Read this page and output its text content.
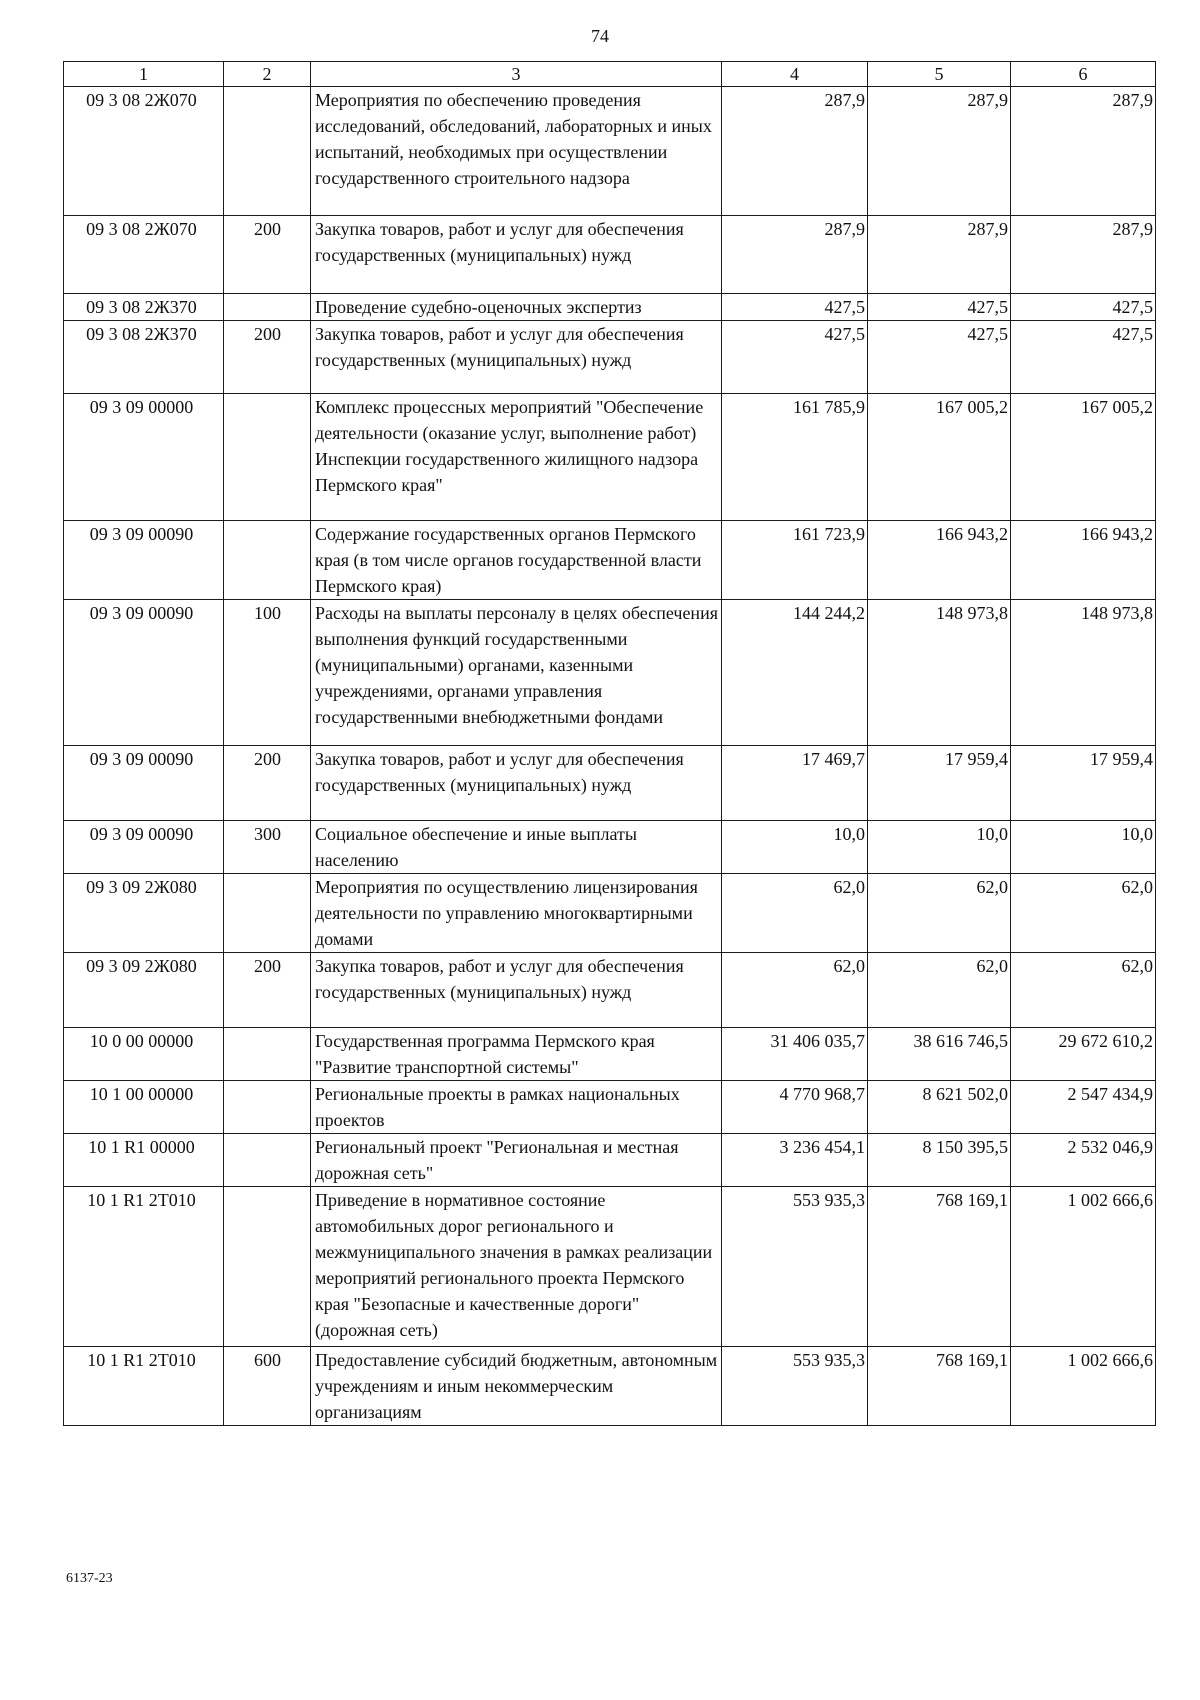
74
1	2	3	4	5	6
09 3 08 2Ж070		Мероприятия по обеспечению проведения исследований, обследований, лабораторных и иных испытаний, необходимых при осуществлении государственного строительного надзора	287,9	287,9	287,9
09 3 08 2Ж070	200	Закупка товаров, работ и услуг для обеспечения государственных (муниципальных) нужд	287,9	287,9	287,9
09 3 08 2Ж370		Проведение судебно-оценочных экспертиз	427,5	427,5	427,5
09 3 08 2Ж370	200	Закупка товаров, работ и услуг для обеспечения государственных (муниципальных) нужд	427,5	427,5	427,5
09 3 09 00000		Комплекс процессных мероприятий "Обеспечение деятельности (оказание услуг, выполнение работ) Инспекции государственного жилищного надзора Пермского края"	161 785,9	167 005,2	167 005,2
09 3 09 00090		Содержание государственных органов Пермского края (в том числе органов государственной власти Пермского края)	161 723,9	166 943,2	166 943,2
09 3 09 00090	100	Расходы на выплаты персоналу в целях обеспечения выполнения функций государственными (муниципальными) органами, казенными учреждениями, органами управления государственными внебюджетными фондами	144 244,2	148 973,8	148 973,8
09 3 09 00090	200	Закупка товаров, работ и услуг для обеспечения государственных (муниципальных) нужд	17 469,7	17 959,4	17 959,4
09 3 09 00090	300	Социальное обеспечение и иные выплаты населению	10,0	10,0	10,0
09 3 09 2Ж080		Мероприятия по осуществлению лицензирования деятельности по управлению многоквартирными домами	62,0	62,0	62,0
09 3 09 2Ж080	200	Закупка товаров, работ и услуг для обеспечения государственных (муниципальных) нужд	62,0	62,0	62,0
10 0 00 00000		Государственная программа Пермского края "Развитие транспортной системы"	31 406 035,7	38 616 746,5	29 672 610,2
10 1 00 00000		Региональные проекты в рамках национальных проектов	4 770 968,7	8 621 502,0	2 547 434,9
10 1 R1 00000		Региональный проект "Региональная и местная дорожная сеть"	3 236 454,1	8 150 395,5	2 532 046,9
10 1 R1 2Т010		Приведение в нормативное состояние автомобильных дорог регионального и межмуниципального значения в рамках реализации мероприятий регионального проекта Пермского края "Безопасные и качественные дороги" (дорожная сеть)	553 935,3	768 169,1	1 002 666,6
10 1 R1 2Т010	600	Предоставление субсидий бюджетным, автономным учреждениям и иным некоммерческим организациям	553 935,3	768 169,1	1 002 666,6
6137-23
